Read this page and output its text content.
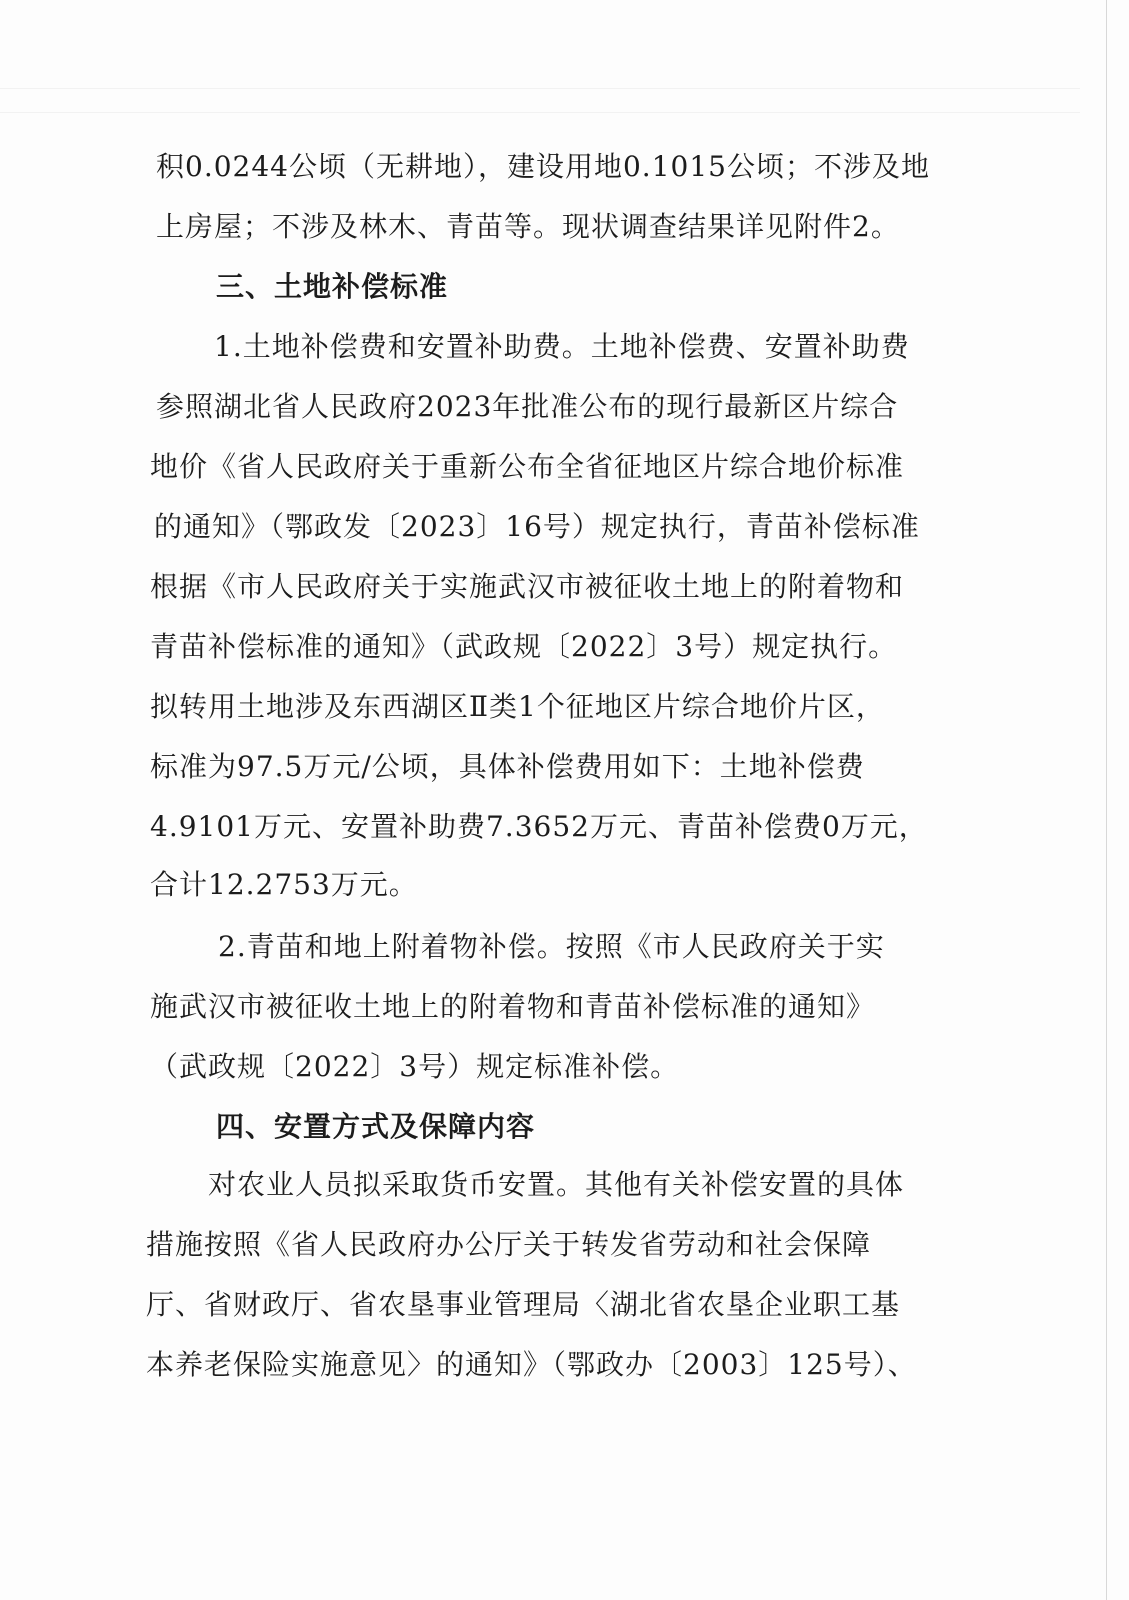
积0.0244公顷（无耕地），建设用地0.1015公顷；不涉及地
上房屋；不涉及林木、青苗等。现状调查结果详见附件2。
三、土地补偿标准
1.土地补偿费和安置补助费。土地补偿费、安置补助费
参照湖北省人民政府2023年批准公布的现行最新区片综合
地价《省人民政府关于重新公布全省征地区片综合地价标准
的通知》（鄂政发〔2023〕16号）规定执行，青苗补偿标准
根据《市人民政府关于实施武汉市被征收土地上的附着物和
青苗补偿标准的通知》（武政规〔2022〕3号）规定执行。
拟转用土地涉及东西湖区Ⅱ类1个征地区片综合地价片区，
标准为97.5万元/公顷，具体补偿费用如下：土地补偿费
4.9101万元、安置补助费7.3652万元、青苗补偿费0万元，
合计12.2753万元。
2.青苗和地上附着物补偿。按照《市人民政府关于实
施武汉市被征收土地上的附着物和青苗补偿标准的通知》
（武政规〔2022〕3号）规定标准补偿。
四、安置方式及保障内容
对农业人员拟采取货币安置。其他有关补偿安置的具体
措施按照《省人民政府办公厅关于转发省劳动和社会保障
厅、省财政厅、省农垦事业管理局〈湖北省农垦企业职工基
本养老保险实施意见〉的通知》（鄂政办〔2003〕125号）、
